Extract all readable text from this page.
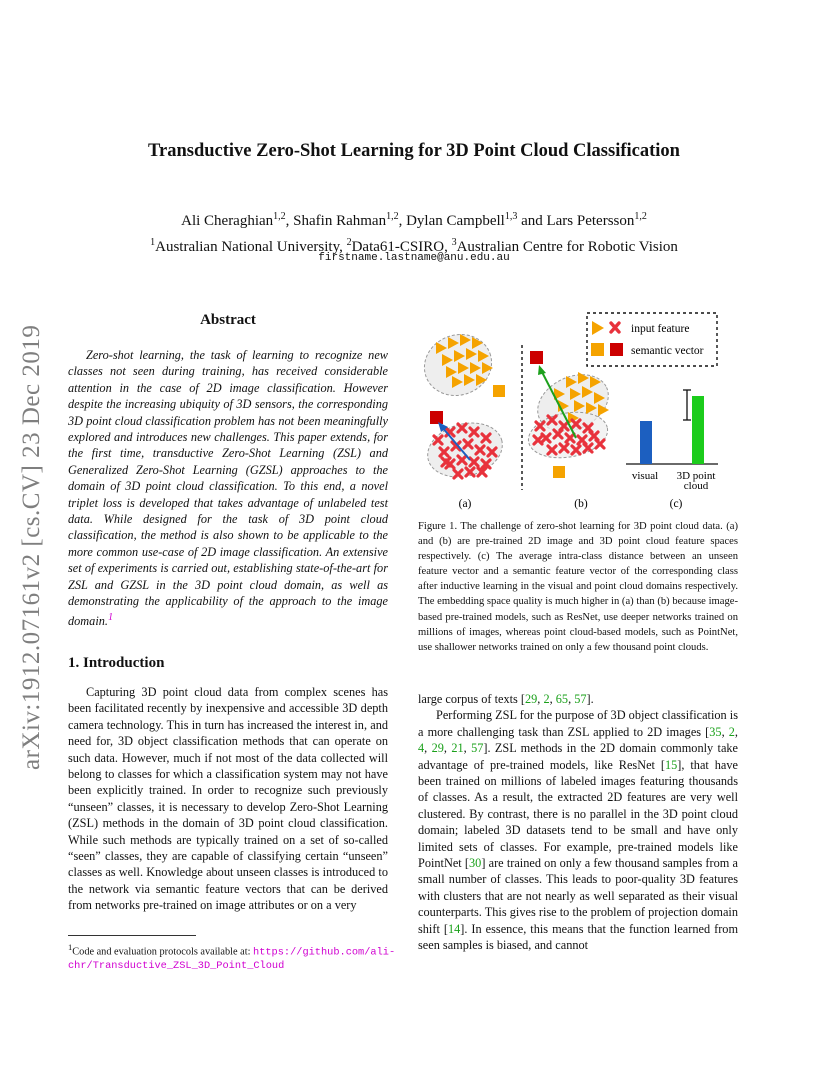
Transductive Zero-Shot Learning for 3D Point Cloud Classification
Ali Cheraghian$^{1,2}$, Shafin Rahman$^{1,2}$, Dylan Campbell$^{1,3}$ and Lars Petersson$^{1,2}$
$^1$Australian National University, $^2$Data61-CSIRO, $^3$Australian Centre for Robotic Vision
firstname.lastname@anu.edu.au
arXiv:1912.07161v2 [cs.CV] 23 Dec 2019
Abstract

Zero-shot learning, the task of learning to recognize new classes not seen during training, has received considerable attention in the case of 2D image classification. However despite the increasing ubiquity of 3D sensors, the corresponding 3D point cloud classification problem has not been meaningfully explored and introduces new challenges. This paper extends, for the first time, transductive Zero-Shot Learning (ZSL) and Generalized Zero-Shot Learning (GZSL) approaches to the domain of 3D point cloud classification. To this end, a novel triplet loss is developed that takes advantage of unlabeled test data. While designed for the task of 3D point cloud classification, the method is also shown to be applicable to the more common use-case of 2D image classification. An extensive set of experiments is carried out, establishing state-of-the-art for ZSL and GZSL in the 3D point cloud domain, as well as demonstrating the applicability of the approach to the image domain.$^1$

1. Introduction

Capturing 3D point cloud data from complex scenes has been facilitated recently by inexpensive and accessible 3D depth camera technology. This in turn has increased the interest in, and need for, 3D object classification methods that can operate on such data. However, much if not most of the data collected will belong to classes for which a classification system may not have been explicitly trained. In order to recognize such previously “unseen” classes, it is necessary to develop Zero-Shot Learning (ZSL) methods in the domain of 3D point cloud classification. While such methods are typically trained on a set of so-called “seen” classes, they are capable of classifying certain “unseen” classes as well. Knowledge about unseen classes is introduced to the network via semantic feature vectors that can be derived from networks pre-trained on image attributes or on a very

$^1$Code and evaluation protocols available at: https://github.com/ali-chr/Transductive_ZSL_3D_Point_Cloud
input feature
semantic vector
(a)	(b)
visual 3D point
cloud
(c)
Figure 1. The challenge of zero-shot learning for 3D point cloud data. (a) and (b) are pre-trained 2D image and 3D point cloud feature spaces respectively. (c) The average intra-class distance between an unseen feature vector and a semantic feature vector of the corresponding class after inductive learning in the visual and point cloud domains respectively. The embedding space quality is much higher in (a) than (b) because image-based pre-trained models, such as ResNet, use deeper networks trained on millions of images, whereas point cloud-based models, such as PointNet, use shallower networks trained on only a few thousand point clouds.

large corpus of texts [29, 2, 65, 57].

Performing ZSL for the purpose of 3D object classification is a more challenging task than ZSL applied to 2D images [35, 2, 4, 29, 21, 57]. ZSL methods in the 2D domain commonly take advantage of pre-trained models, like ResNet [15], that have been trained on millions of labeled images featuring thousands of classes. As a result, the extracted 2D features are very well clustered. By contrast, there is no parallel in the 3D point cloud domain; labeled 3D datasets tend to be small and have only limited sets of classes. For example, pre-trained models like PointNet [30] are trained on only a few thousand samples from a small number of classes. This leads to poor-quality 3D features with clusters that are not nearly as well separated as their visual counterparts. This gives rise to the problem of projection domain shift [14]. In essence, this means that the function learned from seen samples is biased, and cannot
